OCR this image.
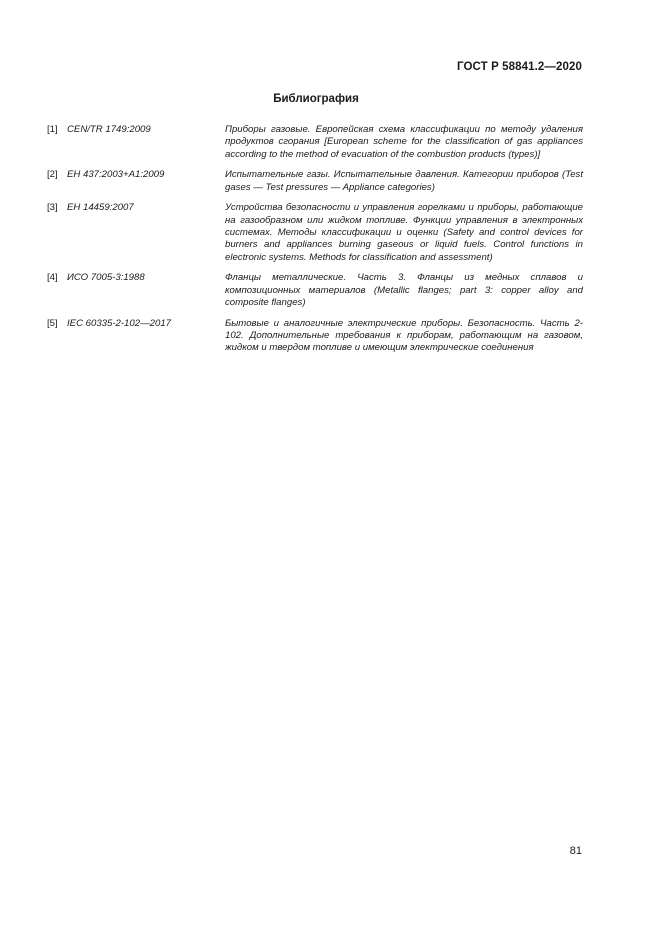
ГОСТ Р 58841.2—2020
Библиография
[1] CEN/TR 1749:2009	Приборы газовые. Европейская схема классификации по методу удаления продуктов сгорания [European scheme for the classification of gas appliances according to the method of evacuation of the combustion products (types)]
[2] ЕН 437:2003+A1:2009	Испытательные газы. Испытательные давления. Категории приборов (Test gases — Test pressures — Appliance categories)
[3] ЕН 14459:2007	Устройства безопасности и управления горелками и приборы, работающие на газообразном или жидком топливе. Функции управления в электронных системах. Методы классификации и оценки (Safety and control devices for burners and appliances burning gaseous or liquid fuels. Control functions in electronic systems. Methods for classification and assessment)
[4] ИСО 7005-3:1988	Фланцы металлические. Часть 3. Фланцы из медных сплавов и композиционных материалов (Metallic flanges; part 3: copper alloy and composite flanges)
[5] IEC 60335-2-102—2017	Бытовые и аналогичные электрические приборы. Безопасность. Часть 2-102. Дополнительные требования к приборам, работающим на газовом, жидком и твердом топливе и имеющим электрические соединения
81
